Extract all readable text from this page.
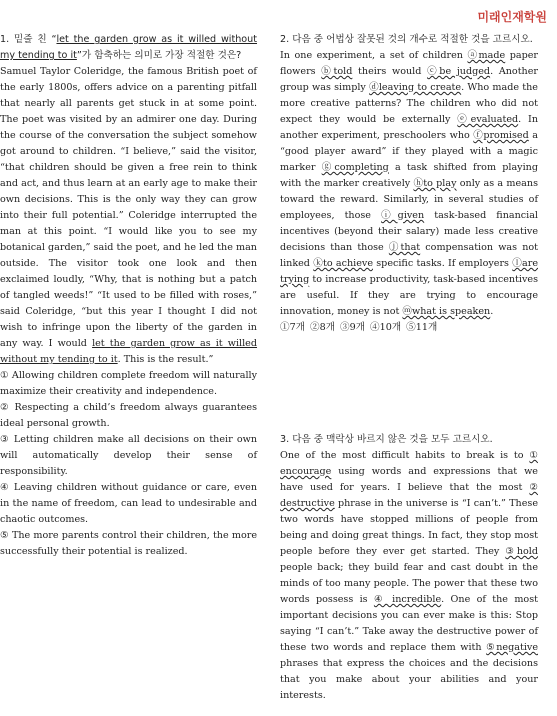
미래인재학원

1. 밑줄 친 “let the garden grow as it willed without my tending to it”가 함축하는 의미로 가장 적절한 것은?

Samuel Taylor Coleridge, the famous British poet of the early 1800s, offers advice on a parenting pitfall that nearly all parents get stuck in at some point. The poet was visited by an admirer one day. During the course of the conversation the subject somehow got around to children. “I believe,” said the visitor, “that children should be given a free rein to think and act, and thus learn at an early age to make their own decisions. This is the only way they can grow into their full potential.” Coleridge interrupted the man at this point. “I would like you to see my botanical garden,” said the poet, and he led the man outside. The visitor took one look and then exclaimed loudly, “Why, that is nothing but a patch of tangled weeds!” “It used to be filled with roses,” said Coleridge, “but this year I thought I did not wish to infringe upon the liberty of the garden in any way. I would let the garden grow as it willed without my tending to it. This is the result.”

① Allowing children complete freedom will naturally maximize their creativity and independence.

② Respecting a child’s freedom always guarantees ideal personal growth.

③ Letting children make all decisions on their own will automatically develop their sense of responsibility.

④ Leaving children without guidance or care, even in the name of freedom, can lead to undesirable and chaotic outcomes.

⑤ The more parents control their children, the more successfully their potential is realized.

2. 다음 중 어법상 잘못된 것의 개수로 적절한 것을 고르시오.

In one experiment, a set of children ⓐmade paper flowers ⓑtold theirs would ⓒbe judged. Another group was simply ⓓleaving to create. Who made the more creative patterns? The children who did not expect they would be externally ⓔevaluated. In another experiment, preschoolers who ⓕpromised a “good player award” if they played with a magic marker ⓖcompleting a task shifted from playing with the marker creatively ⓗto play only as a means toward the reward. Similarly, in several studies of employees, those ⓘgiven task-based financial incentives (beyond their salary) made less creative decisions than those ⓙthat compensation was not linked ⓚto achieve specific tasks. If employers ⓛare trying to increase productivity, task-based incentives are useful. If they are trying to encourage innovation, money is not ⓜwhat is speaken.

①7개 ②8개 ③9개 ④10개 ⑤11개

3. 다음 중 맥락상 바르지 않은 것을 모두 고르시오.

One of the most difficult habits to break is to ① encourage using words and expressions that we have used for years. I believe that the most ② destructive phrase in the universe is “I can’t.” These two words have stopped millions of people from being and doing great things. In fact, they stop most people before they ever get started. They ③hold people back; they build fear and cast doubt in the minds of too many people. The power that these two words possess is ④ incredible. One of the most important decisions you can ever make is this: Stop saying “I can’t.” Take away the destructive power of these two words and replace them with ⑤negative phrases that express the choices and the decisions that you make about your abilities and your interests.
